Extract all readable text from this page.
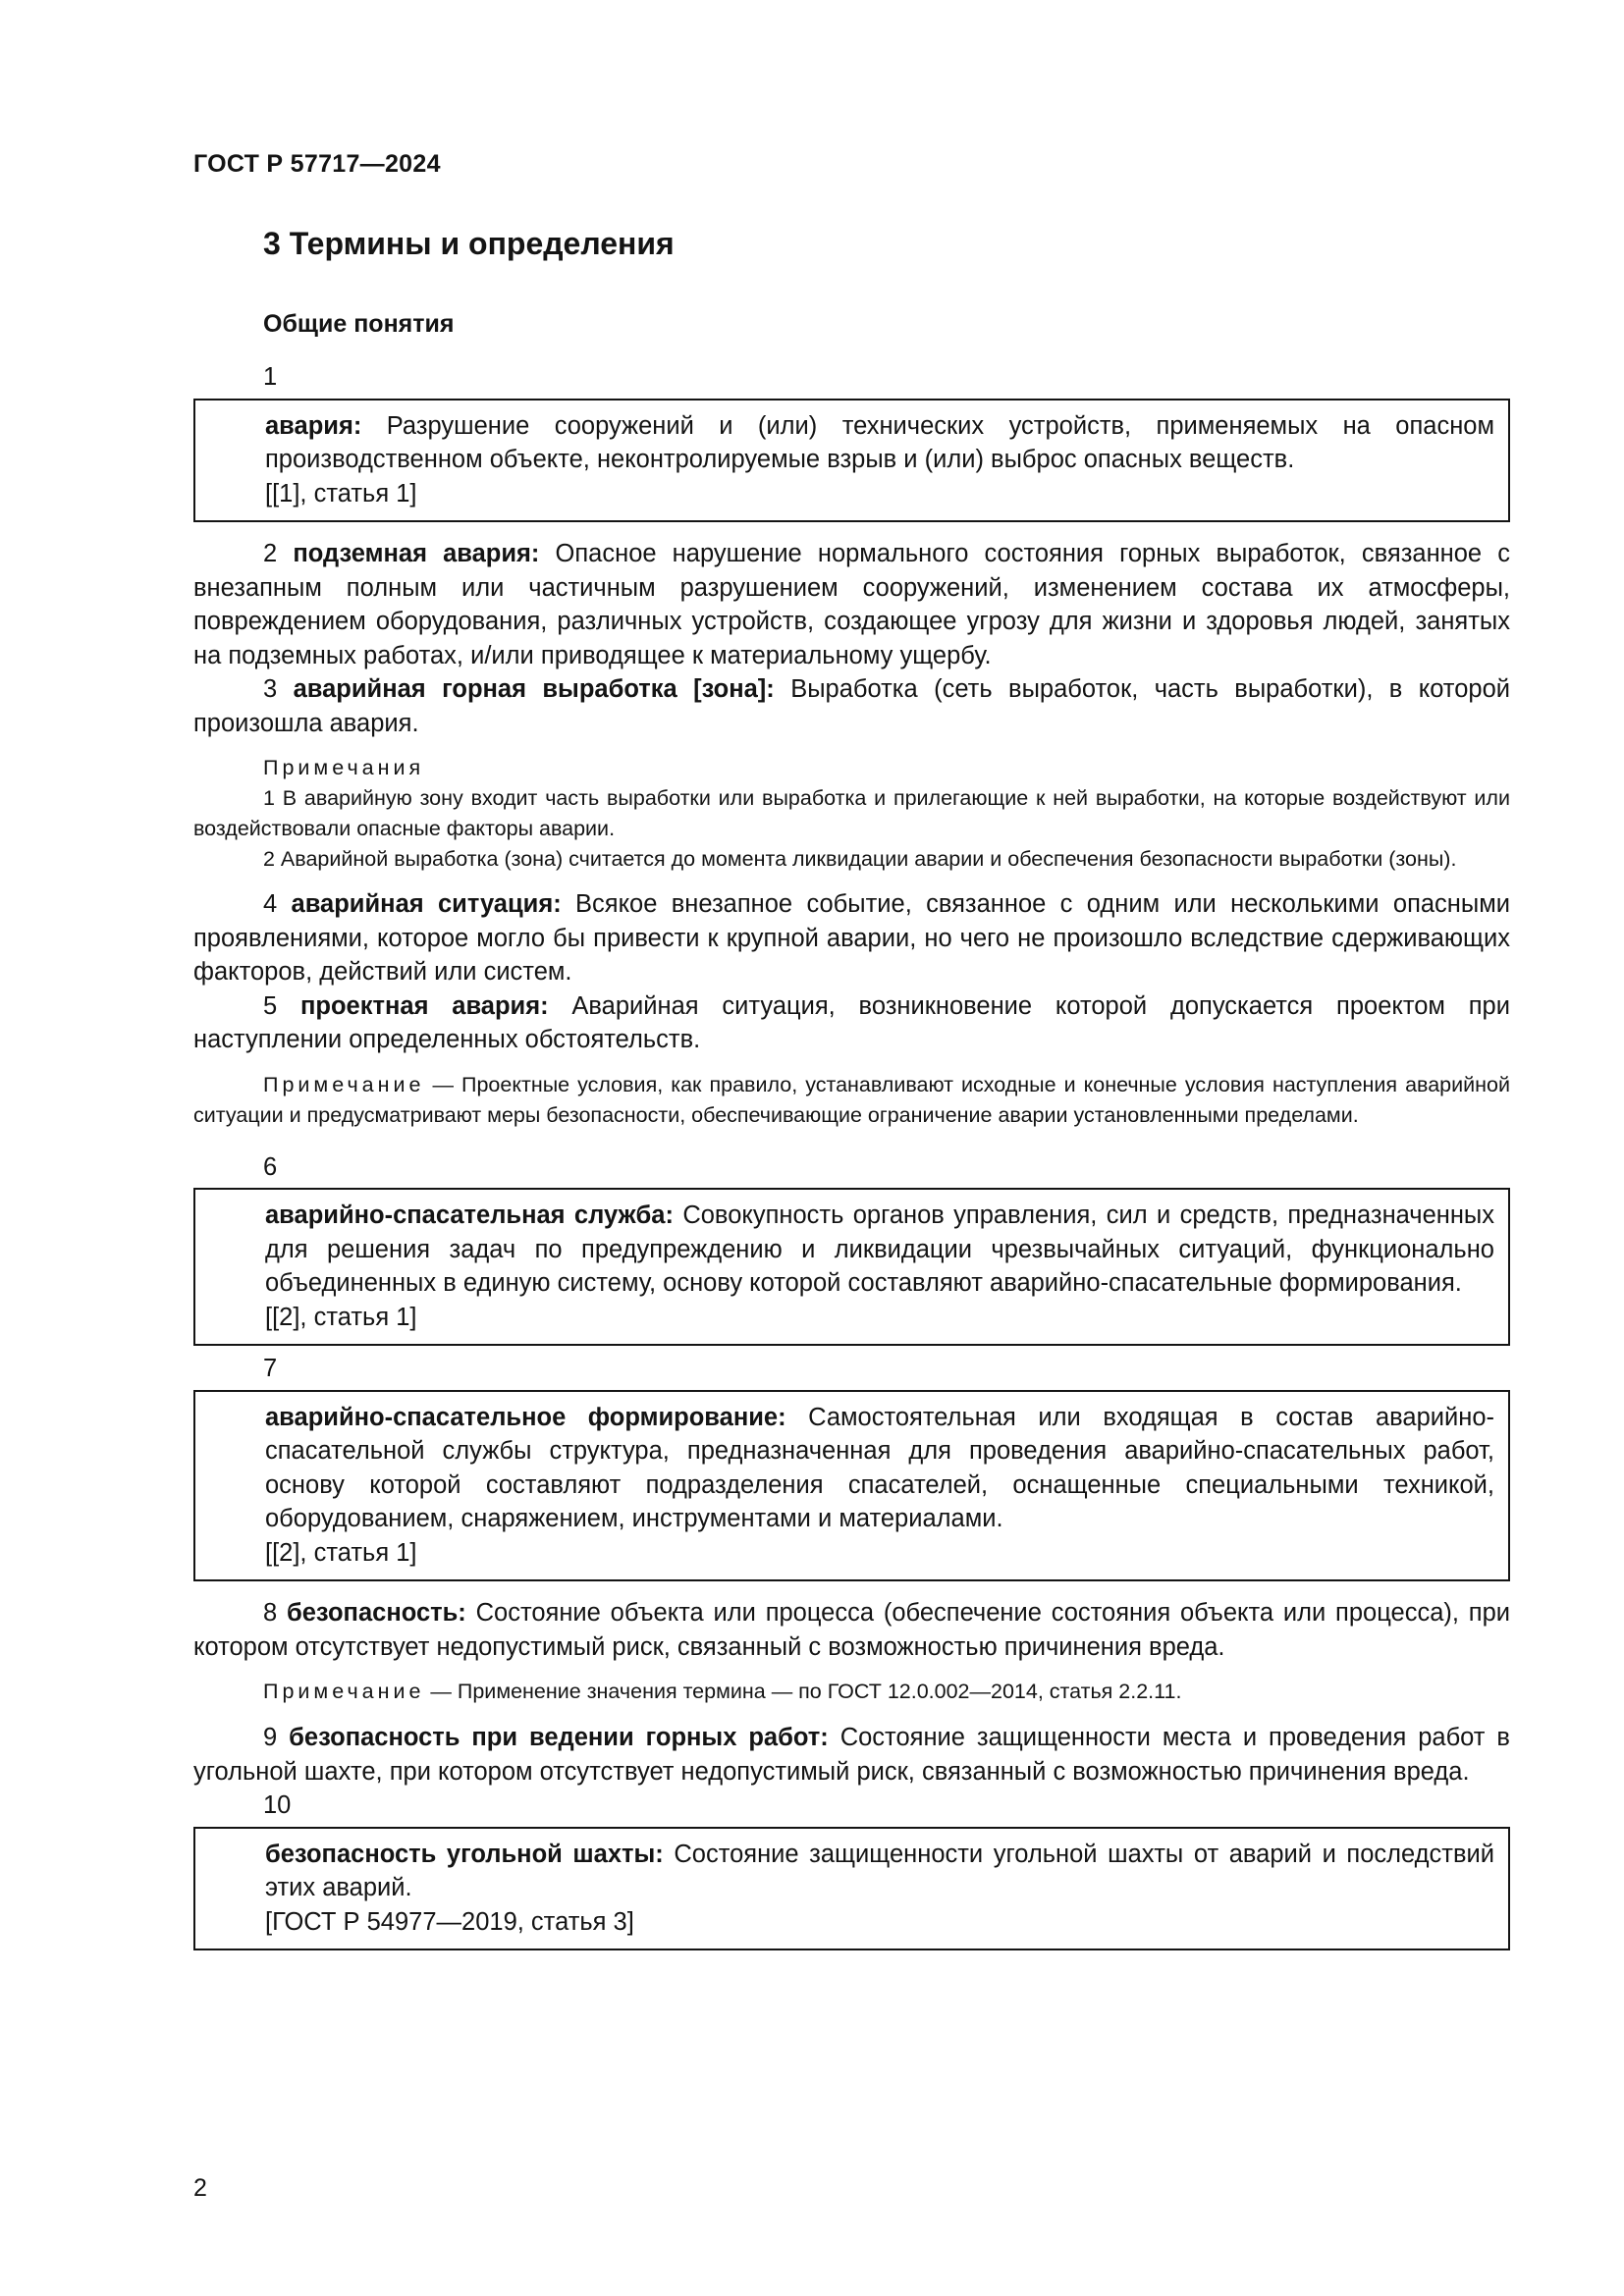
ГОСТ Р 57717—2024
3 Термины и определения
Общие понятия

1

авария: Разрушение сооружений и (или) технических устройств, применяемых на опасном производственном объекте, неконтролируемые взрыв и (или) выброс опасных веществ.

[[1], статья 1]

2 подземная авария: Опасное нарушение нормального состояния горных выработок, связанное с внезапным полным или частичным разрушением сооружений, изменением состава их атмосферы, повреждением оборудования, различных устройств, создающее угрозу для жизни и здоровья людей, занятых на подземных работах, и/или приводящее к материальному ущербу.

3 аварийная горная выработка [зона]: Выработка (сеть выработок, часть выработки), в которой произошла авария.

Примечания

1 В аварийную зону входит часть выработки или выработка и прилегающие к ней выработки, на которые воздействуют или воздействовали опасные факторы аварии.

2 Аварийной выработка (зона) считается до момента ликвидации аварии и обеспечения безопасности выработки (зоны).

4 аварийная ситуация: Всякое внезапное событие, связанное с одним или несколькими опасными проявлениями, которое могло бы привести к крупной аварии, но чего не произошло вследствие сдерживающих факторов, действий или систем.

5 проектная авария: Аварийная ситуация, возникновение которой допускается проектом при наступлении определенных обстоятельств.

Примечание — Проектные условия, как правило, устанавливают исходные и конечные условия наступления аварийной ситуации и предусматривают меры безопасности, обеспечивающие ограничение аварии установленными пределами.

6

аварийно-спасательная служба: Совокупность органов управления, сил и средств, предназначенных для решения задач по предупреждению и ликвидации чрезвычайных ситуаций, функционально объединенных в единую систему, основу которой составляют аварийно-спасательные формирования.

[[2], статья 1]

7

аварийно-спасательное формирование: Самостоятельная или входящая в состав аварийно-спасательной службы структура, предназначенная для проведения аварийно-спасательных работ, основу которой составляют подразделения спасателей, оснащенные специальными техникой, оборудованием, снаряжением, инструментами и материалами.

[[2], статья 1]

8 безопасность: Состояние объекта или процесса (обеспечение состояния объекта или процесса), при котором отсутствует недопустимый риск, связанный с возможностью причинения вреда.

Примечание — Применение значения термина — по ГОСТ 12.0.002—2014, статья 2.2.11.

9 безопасность при ведении горных работ: Состояние защищенности места и проведения работ в угольной шахте, при котором отсутствует недопустимый риск, связанный с возможностью причинения вреда.

10

безопасность угольной шахты: Состояние защищенности угольной шахты от аварий и последствий этих аварий.

[ГОСТ Р 54977—2019, статья 3]

2
